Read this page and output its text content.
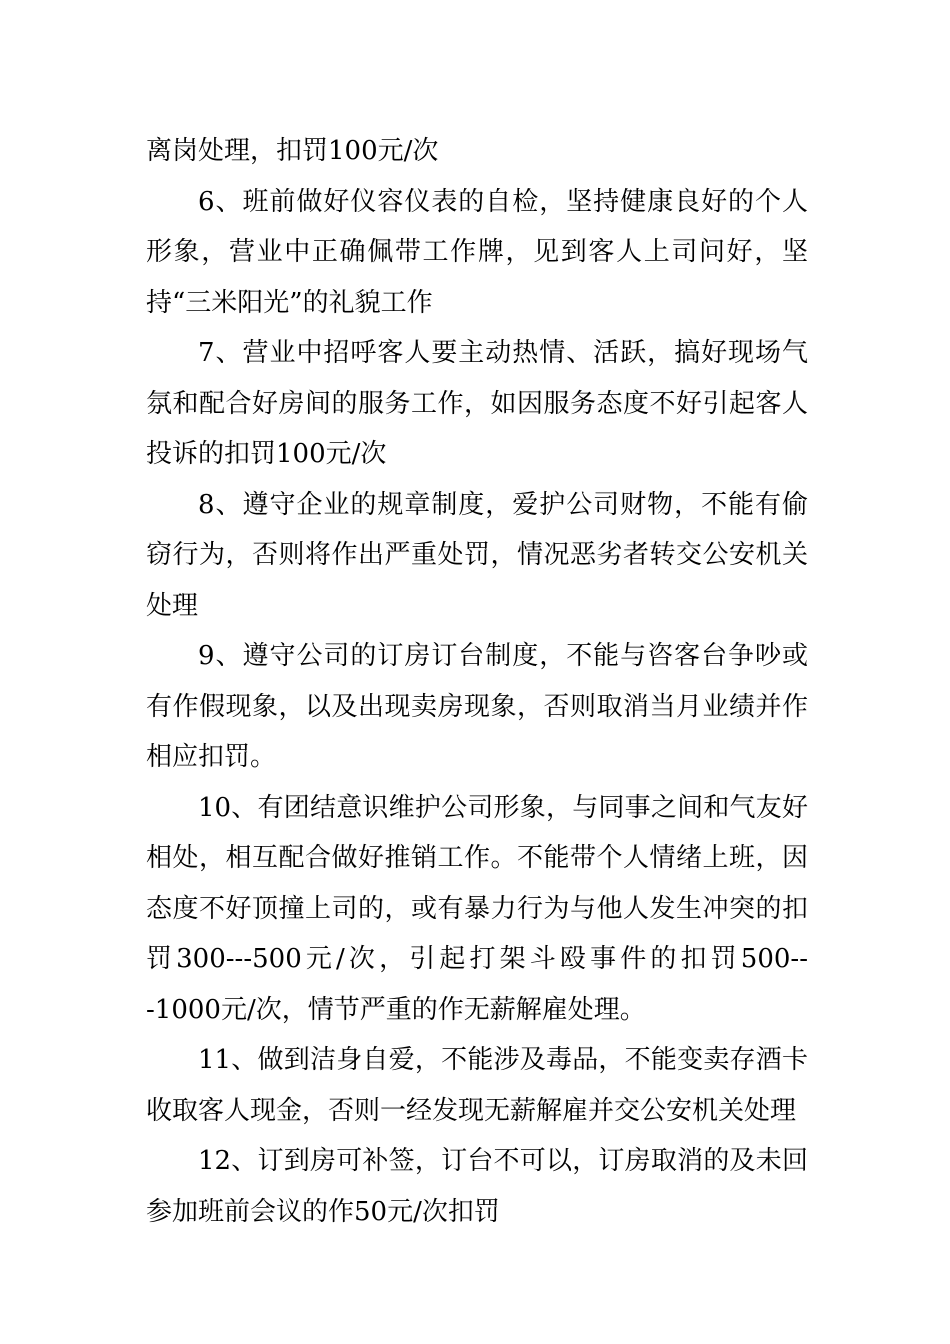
离岗处理，扣罚100元/次

6、班前做好仪容仪表的自检，坚持健康良好的个人形象，营业中正确佩带工作牌，见到客人上司问好，坚持“三米阳光”的礼貌工作

7、营业中招呼客人要主动热情、活跃，搞好现场气氛和配合好房间的服务工作，如因服务态度不好引起客人投诉的扣罚100元/次

8、遵守企业的规章制度，爱护公司财物，不能有偷窃行为，否则将作出严重处罚，情况恶劣者转交公安机关处理

9、遵守公司的订房订台制度，不能与咨客台争吵或有作假现象，以及出现卖房现象，否则取消当月业绩并作相应扣罚。

10、有团结意识维护公司形象，与同事之间和气友好相处，相互配合做好推销工作。不能带个人情绪上班，因态度不好顶撞上司的，或有暴力行为与他人发生冲突的扣罚300---500元/次，引起打架斗殴事件的扣罚500---1000元/次，情节严重的作无薪解雇处理。

11、做到洁身自爱，不能涉及毒品，不能变卖存酒卡收取客人现金，否则一经发现无薪解雇并交公安机关处理

12、订到房可补签，订台不可以，订房取消的及未回参加班前会议的作50元/次扣罚
